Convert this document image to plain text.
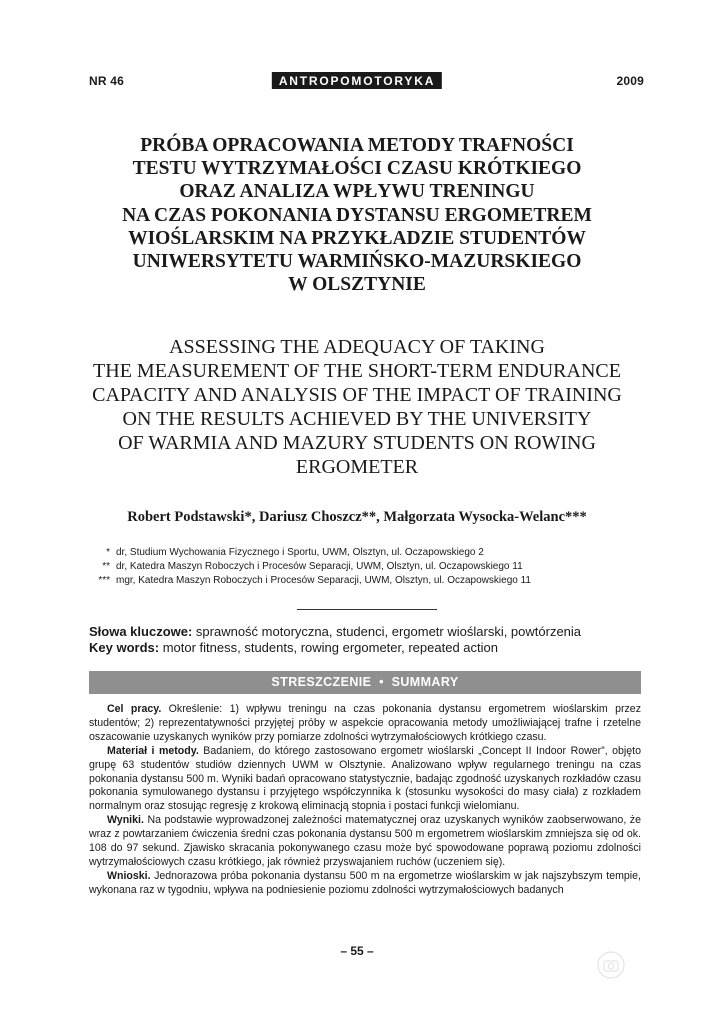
NR 46	ANTROPOMOTORYKA	2009
PRÓBA OPRACOWANIA METODY TRAFNOŚCI
TESTU WYTRZYMAŁOŚCI CZASU KRÓTKIEGO
ORAZ ANALIZA WPŁYWU TRENINGU
NA CZAS POKONANIA DYSTANSU ERGOMETREM
WIOŚLARSKIM NA PRZYKŁADZIE STUDENTÓW
UNIWERSYTETU WARMIŃSKO-MAZURSKIEGO
W OLSZTYNIE
ASSESSING THE ADEQUACY OF TAKING
THE MEASUREMENT OF THE SHORT-TERM ENDURANCE
CAPACITY AND ANALYSIS OF THE IMPACT OF TRAINING
ON THE RESULTS ACHIEVED BY THE UNIVERSITY
OF WARMIA AND MAZURY STUDENTS ON ROWING
ERGOMETER
Robert Podstawski*, Dariusz Choszcz**, Małgorzata Wysocka-Welanc***
* dr, Studium Wychowania Fizycznego i Sportu, UWM, Olsztyn, ul. Oczapowskiego 2
** dr, Katedra Maszyn Roboczych i Procesów Separacji, UWM, Olsztyn, ul. Oczapowskiego 11
*** mgr, Katedra Maszyn Roboczych i Procesów Separacji, UWM, Olsztyn, ul. Oczapowskiego 11
Słowa kluczowe: sprawność motoryczna, studenci, ergometr wioślarski, powtórzenia
Key words: motor fitness, students, rowing ergometer, repeated action
STRESZCZENIE  •  SUMMARY

Cel pracy. Określenie: 1) wpływu treningu na czas pokonania dystansu ergometrem wioślarskim przez studentów; 2) reprezentatywności przyjętej próby w aspekcie opracowania metody umożliwiającej trafne i rzetelne oszacowanie uzyskanych wyników przy pomiarze zdolności wytrzymałościowych krótkiego czasu.

Materiał i metody. Badaniem, do którego zastosowano ergometr wioślarski „Concept II Indoor Rower”, objęto grupę 63 studentów studiów dziennych UWM w Olsztynie. Analizowano wpływ regularnego treningu na czas pokonania dystansu 500 m. Wyniki badań opracowano statystycznie, badając zgodność uzyskanych rozkładów czasu pokonania symulowanego dystansu i przyjętego współczynnika k (stosunku wysokości do masy ciała) z rozkładem normalnym oraz stosując regresję z krokową eliminacją stopnia i postaci funkcji wielomianu.

Wyniki. Na podstawie wyprowadzonej zależności matematycznej oraz uzyskanych wyników zaobserwowano, że wraz z powtarzaniem ćwiczenia średni czas pokonania dystansu 500 m ergometrem wioślarskim zmniejsza się od ok. 108 do 97 sekund. Zjawisko skracania pokonywanego czasu może być spowodowane poprawą poziomu zdolności wytrzymałościowych czasu krótkiego, jak również przyswajaniem ruchów (uczeniem się).

Wnioski. Jednorazowa próba pokonania dystansu 500 m na ergometrze wioślarskim w jak najszybszym tempie, wykonana raz w tygodniu, wpływa na podniesienie poziomu zdolności wytrzymałościowych badanych

– 55 –
